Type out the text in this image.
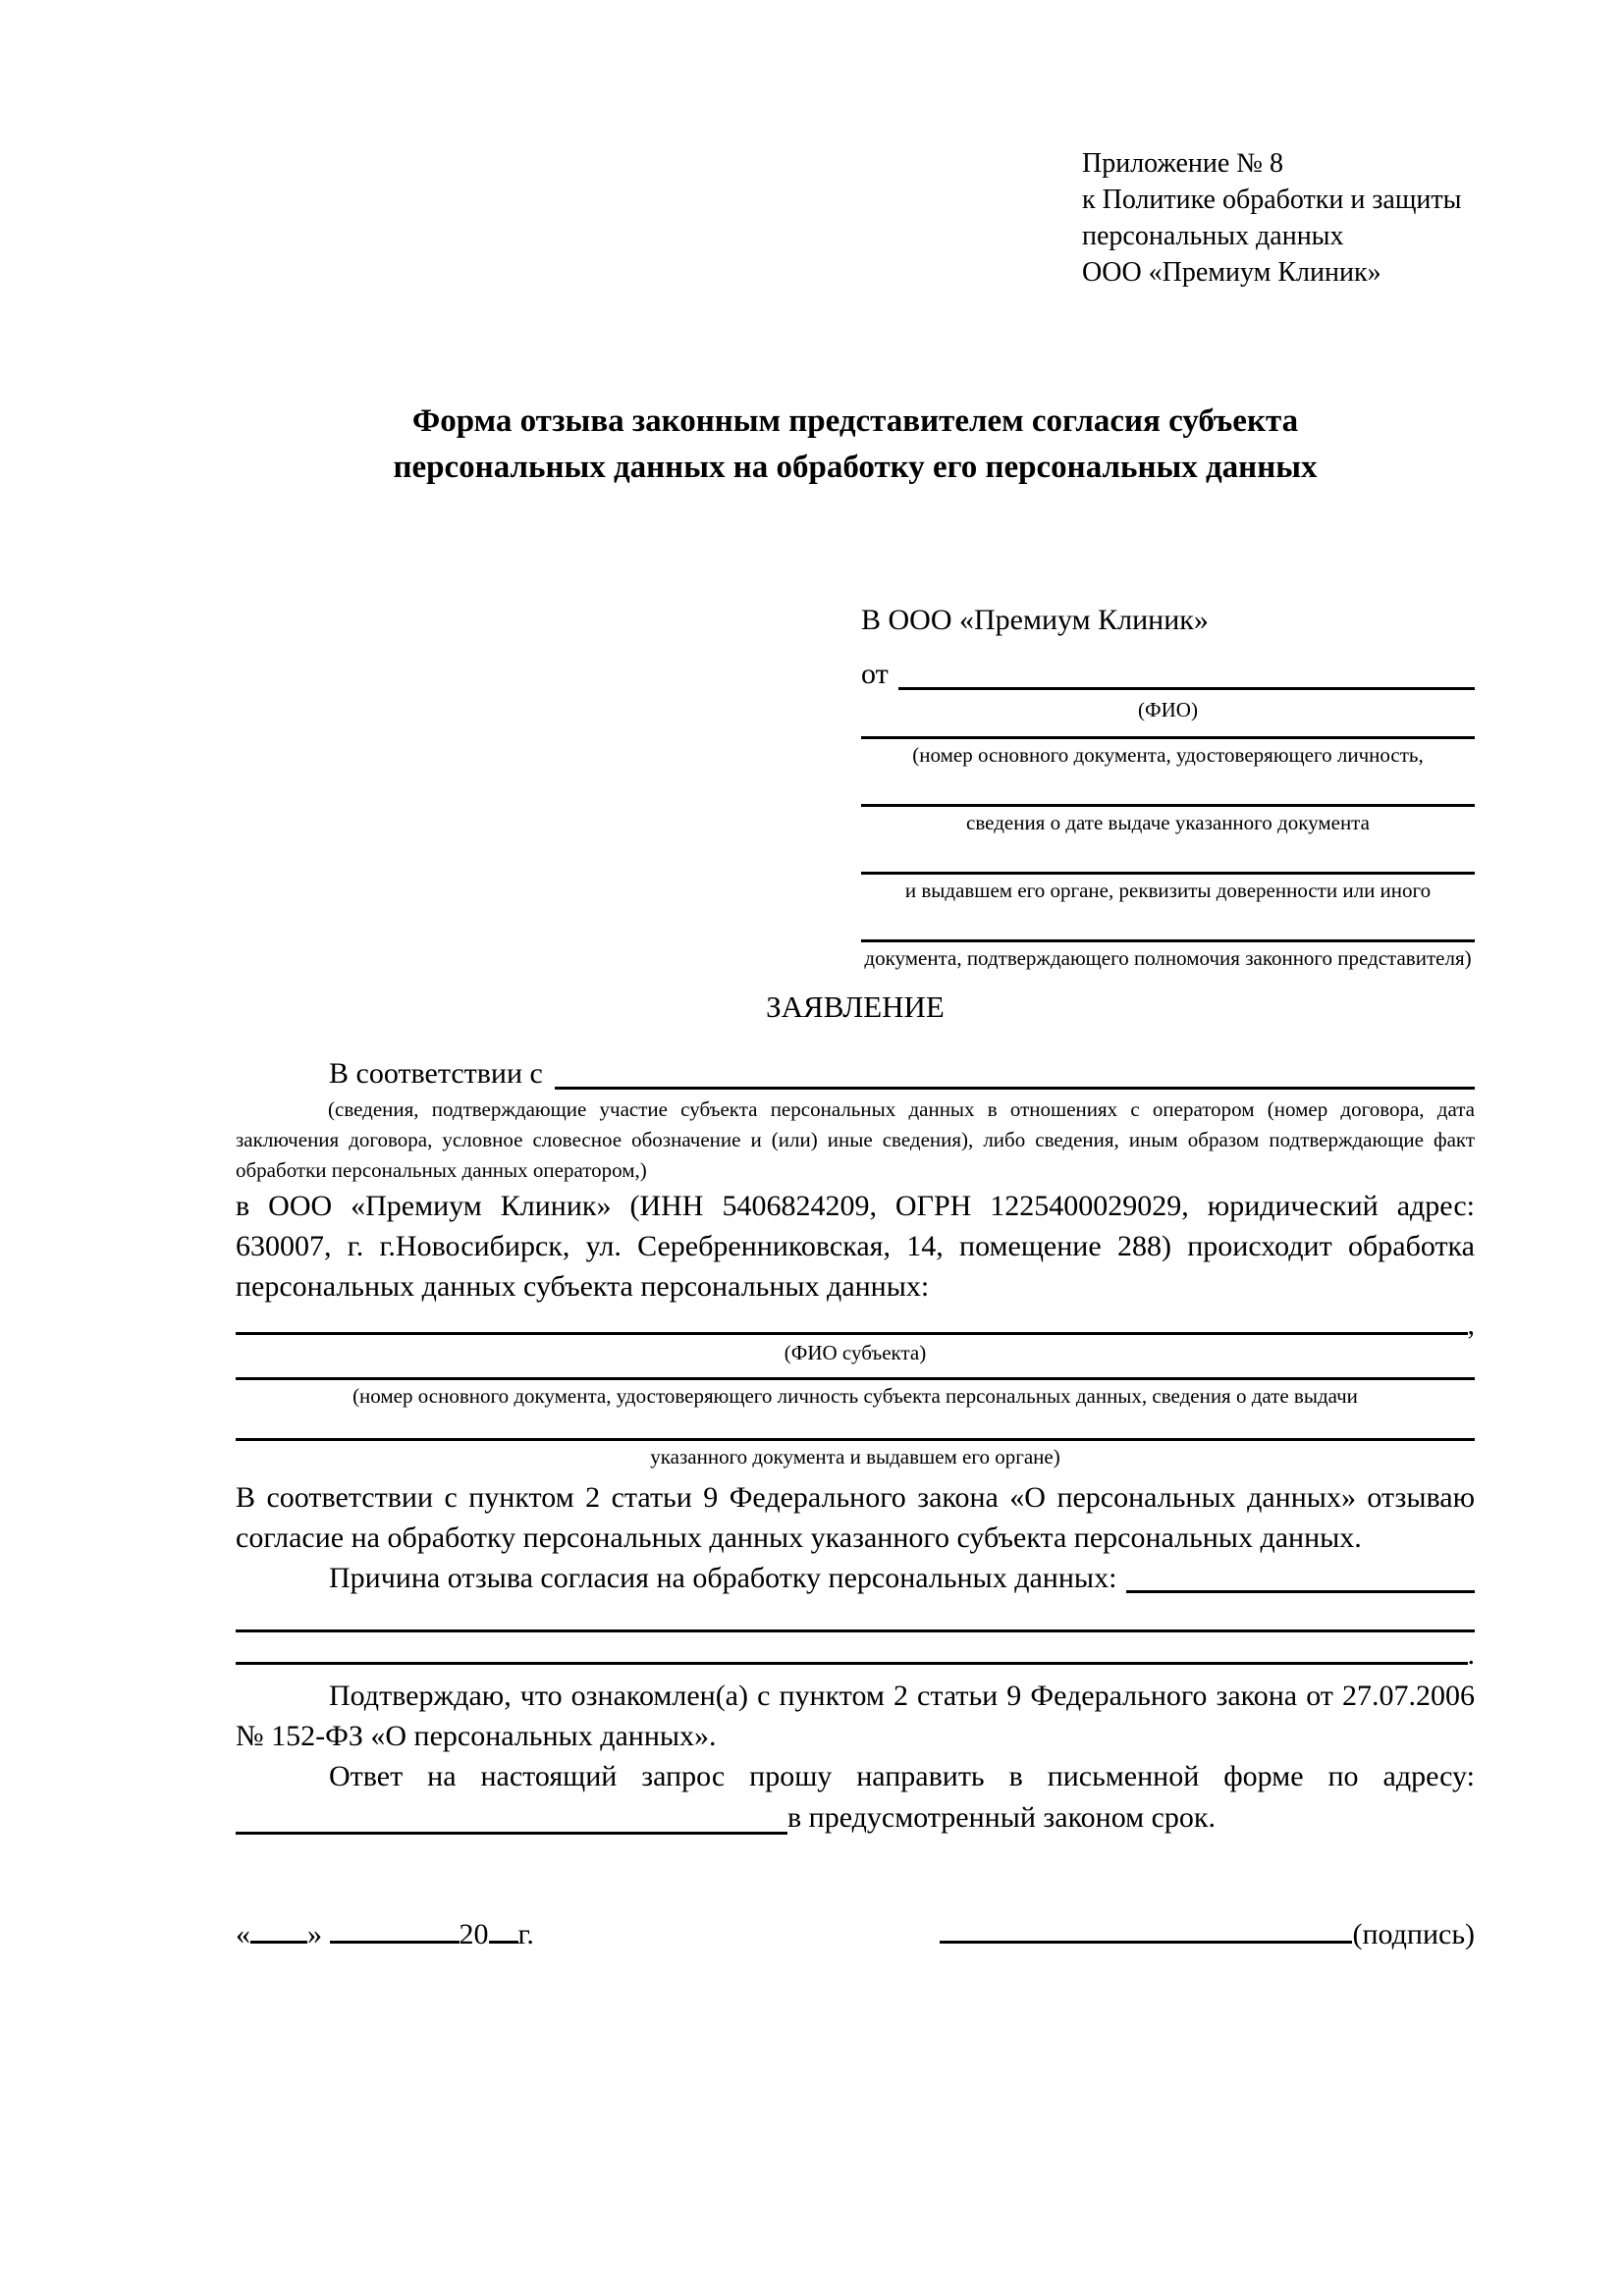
Приложение № 8
к Политике обработки и защиты
персональных данных
ООО «Премиум Клиник»
Форма отзыва законным представителем согласия субъекта
персональных данных на обработку его персональных данных
В ООО «Премиум Клиник»
от
(ФИО)
(номер основного документа, удостоверяющего личность,
сведения о дате выдаче указанного документа
и выдавшем его органе, реквизиты доверенности или иного
документа, подтверждающего полномочия законного представителя)
ЗАЯВЛЕНИЕ
В соответствии с

(сведения, подтверждающие участие субъекта персональных данных в отношениях с оператором (номер договора, дата заключения договора, условное словесное обозначение и (или) иные сведения), либо сведения, иным образом подтверждающие факт обработки персональных данных оператором,)

в ООО «Премиум Клиник» (ИНН 5406824209, ОГРН 1225400029029, юридический адрес: 630007, г. г.Новосибирск, ул. Серебренниковская, 14, помещение 288) происходит обработка персональных данных субъекта персональных данных:

,
(ФИО субъекта)
(номер основного документа, удостоверяющего личность субъекта персональных данных, сведения о дате выдачи
указанного документа и выдавшем его органе)

В соответствии с пунктом 2 статьи 9 Федерального закона «О персональных данных» отзываю согласие на обработку персональных данных указанного субъекта персональных данных.

Причина отзыва согласия на обработку персональных данных:
.

Подтверждаю, что ознакомлен(а) с пунктом 2 статьи 9 Федерального закона от 27.07.2006 № 152-ФЗ «О персональных данных».

Ответ на настоящий запрос прошу направить в письменной форме по адресу:

в предусмотренный законом срок.
« »	20 г.	(подпись)
